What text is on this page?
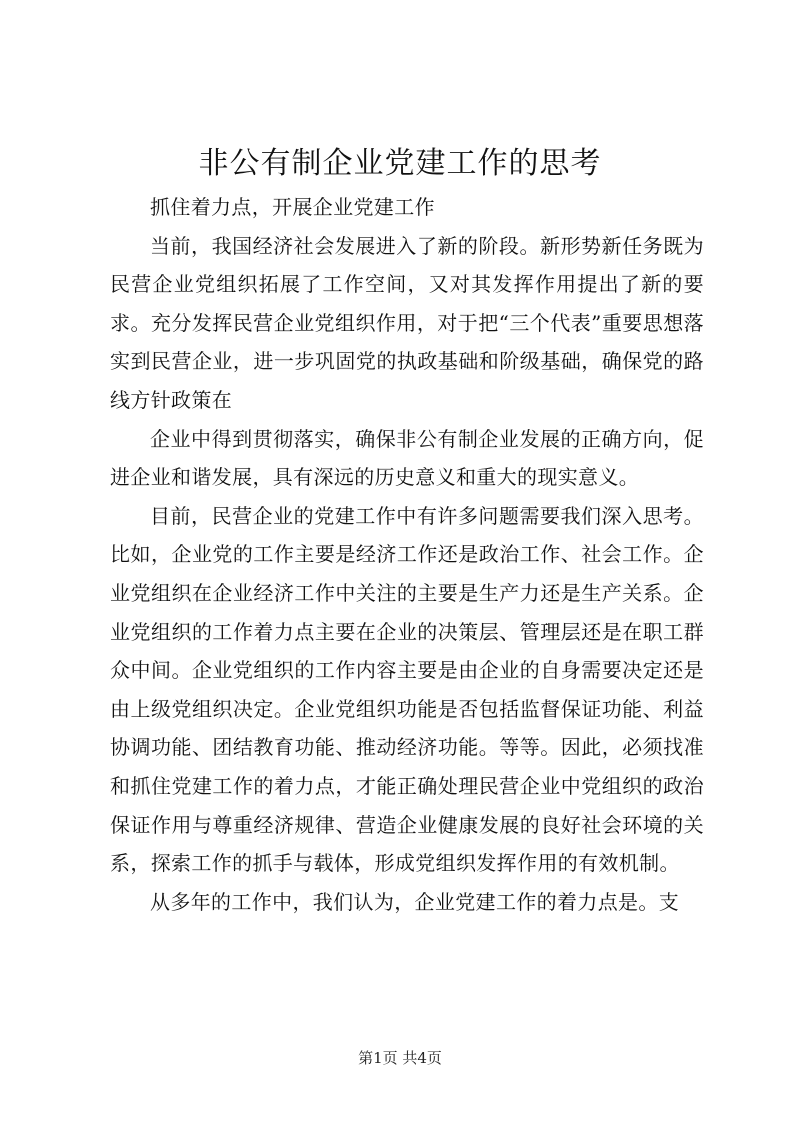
非公有制企业党建工作的思考

抓住着力点，开展企业党建工作

当前，我国经济社会发展进入了新的阶段。新形势新任务既为民营企业党组织拓展了工作空间，又对其发挥作用提出了新的要求。充分发挥民营企业党组织作用，对于把“三个代表”重要思想落实到民营企业，进一步巩固党的执政基础和阶级基础，确保党的路线方针政策在

企业中得到贯彻落实，确保非公有制企业发展的正确方向，促进企业和谐发展，具有深远的历史意义和重大的现实意义。

目前，民营企业的党建工作中有许多问题需要我们深入思考。比如，企业党的工作主要是经济工作还是政治工作、社会工作。企业党组织在企业经济工作中关注的主要是生产力还是生产关系。企业党组织的工作着力点主要在企业的决策层、管理层还是在职工群众中间。企业党组织的工作内容主要是由企业的自身需要决定还是由上级党组织决定。企业党组织功能是否包括监督保证功能、利益协调功能、团结教育功能、推动经济功能。等等。因此，必须找准和抓住党建工作的着力点，才能正确处理民营企业中党组织的政治保证作用与尊重经济规律、营造企业健康发展的良好社会环境的关系，探索工作的抓手与载体，形成党组织发挥作用的有效机制。

从多年的工作中，我们认为，企业党建工作的着力点是。支

第1页 共4页
